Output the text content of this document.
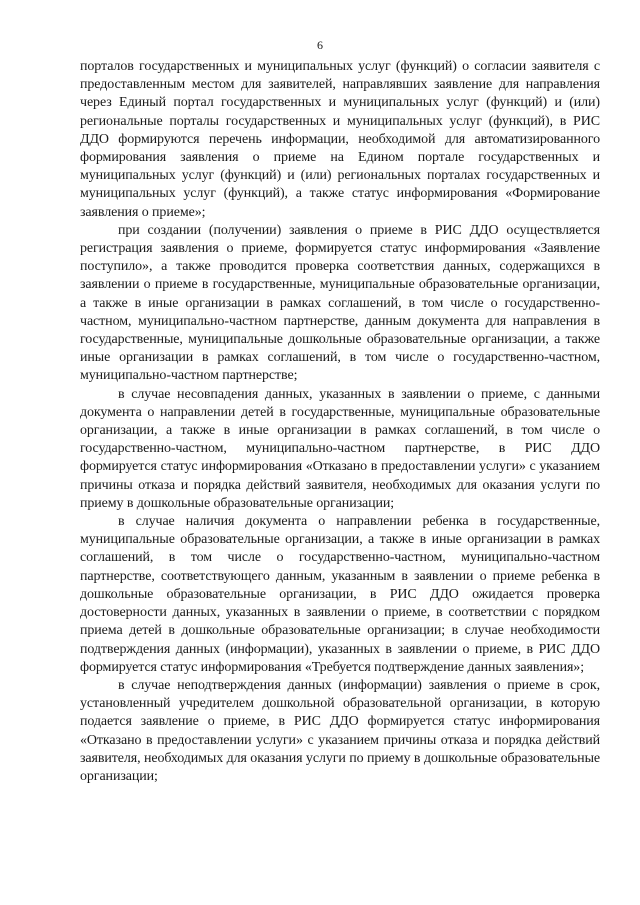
6

порталов государственных и муниципальных услуг (функций) о согласии заявителя с предоставленным местом для заявителей, направлявших заявление для направления через Единый портал государственных и муниципальных услуг (функций) и (или) региональные порталы государственных и муниципальных услуг (функций), в РИС ДДО формируются перечень информации, необходимой для автоматизированного формирования заявления о приеме на Едином портале государственных и муниципальных услуг (функций) и (или) региональных порталах государственных и муниципальных услуг (функций), а также статус информирования «Формирование заявления о приеме»;

при создании (получении) заявления о приеме в РИС ДДО осуществляется регистрация заявления о приеме, формируется статус информирования «Заявление поступило», а также проводится проверка соответствия данных, содержащихся в заявлении о приеме в государственные, муниципальные образовательные организации, а также в иные организации в рамках соглашений, в том числе о государственно-частном, муниципально-частном партнерстве, данным документа для направления в государственные, муниципальные дошкольные образовательные организации, а также иные организации в рамках соглашений, в том числе о государственно-частном, муниципально-частном партнерстве;

в случае несовпадения данных, указанных в заявлении о приеме, с данными документа о направлении детей в государственные, муниципальные образовательные организации, а также в иные организации в рамках соглашений, в том числе о государственно-частном, муниципально-частном партнерстве, в РИС ДДО формируется статус информирования «Отказано в предоставлении услуги» с указанием причины отказа и порядка действий заявителя, необходимых для оказания услуги по приему в дошкольные образовательные организации;

в случае наличия документа о направлении ребенка в государственные, муниципальные образовательные организации, а также в иные организации в рамках соглашений, в том числе о государственно-частном, муниципально-частном партнерстве, соответствующего данным, указанным в заявлении о приеме ребенка в дошкольные образовательные организации, в РИС ДДО ожидается проверка достоверности данных, указанных в заявлении о приеме, в соответствии с порядком приема детей в дошкольные образовательные организации; в случае необходимости подтверждения данных (информации), указанных в заявлении о приеме, в РИС ДДО формируется статус информирования «Требуется подтверждение данных заявления»;

в случае неподтверждения данных (информации) заявления о приеме в срок, установленный учредителем дошкольной образовательной организации, в которую подается заявление о приеме, в РИС ДДО формируется статус информирования «Отказано в предоставлении услуги» с указанием причины отказа и порядка действий заявителя, необходимых для оказания услуги по приему в дошкольные образовательные организации;
